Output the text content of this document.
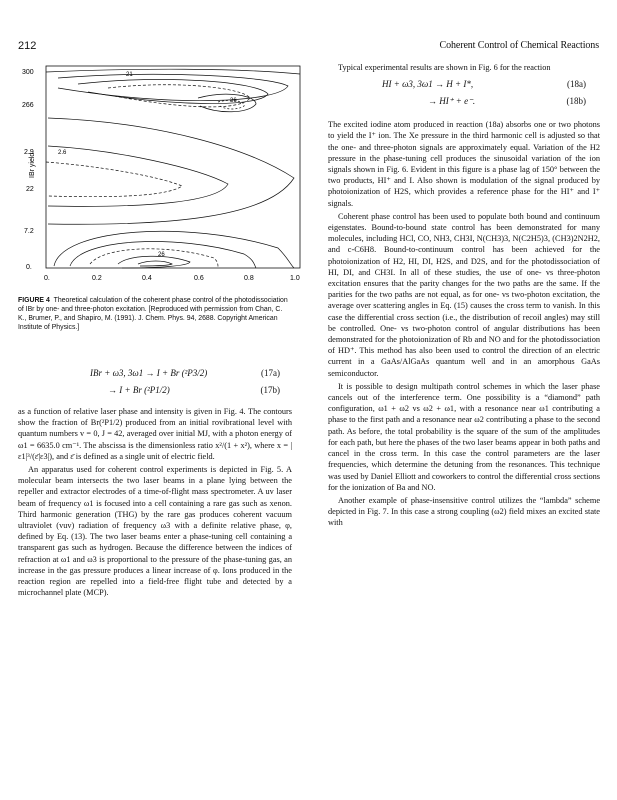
212	Coherent Control of Chemical Reactions
300
266
2.9
22
7.2
0.
IBr yield
0.	0.2	0.4	0.6	0.8	1.0
21
36
2.6
26
FIGURE 4 Theoretical calculation of the coherent phase control of the photodissociation of IBr by one- and three-photon excitation. [Reproduced with permission from Chan, C. K., Brumer, P., and Shapiro, M. (1991). J. Chem. Phys. 94, 2688. Copyright American Institute of Physics.]
IBr + ω3, 3ω1 → I + Br (²P3/2)	(17a)
→ I + Br (²P1/2)	(17b)

as a function of relative laser phase and intensity is given in Fig. 4. The contours show the fraction of Br(²P1/2) produced from an initial rovibrational level with quantum numbers v = 0, J = 42, averaged over initial MJ, with a photon energy of ω1 = 6635.0 cm⁻¹. The abscissa is the dimensionless ratio x²/(1 + x²), where x = |ε1|³/(ε̄|ε3|), and ε̄ is defined as a single unit of electric field.

An apparatus used for coherent control experiments is depicted in Fig. 5. A molecular beam intersects the two laser beams in a plane lying between the repeller and extractor electrodes of a time-of-flight mass spectrometer. A uv laser beam of frequency ω1 is focused into a cell containing a rare gas such as xenon. Third harmonic generation (THG) by the rare gas produces coherent vacuum ultraviolet (vuv) radiation of frequency ω3 with a definite relative phase, φ, defined by Eq. (13). The two laser beams enter a phase-tuning cell containing a transparent gas such as hydrogen. Because the difference between the indices of refraction at ω1 and ω3 is proportional to the pressure of the phase-tuning gas, an increase in the gas pressure produces a linear increase of φ. Ions produced in the reaction region are repelled into a field-free flight tube and detected by a microchannel plate (MCP).

Typical experimental results are shown in Fig. 6 for the reaction

HI + ω3, 3ω1 → H + I*,	(18a)
→ HI⁺ + e⁻.	(18b)

The excited iodine atom produced in reaction (18a) absorbs one or two photons to yield the I⁺ ion. The Xe pressure in the third harmonic cell is adjusted so that the one- and three-photon signals are approximately equal. Variation of the H2 pressure in the phase-tuning cell produces the sinusoidal variation of the ion signals shown in Fig. 6. Evident in this figure is a phase lag of 150° between the two products, HI⁺ and I. Also shown is modulation of the signal produced by photoionization of H2S, which provides a reference phase for the HI⁺ and I⁺ signals.

Coherent phase control has been used to populate both bound and continuum eigenstates. Bound-to-bound state control has been demonstrated for many molecules, including HCl, CO, NH3, CH3I, N(CH3)3, N(C2H5)3, (CH3)2N2H2, and c-C6H8. Bound-to-continuum control has been achieved for the photoionization of H2, HI, DI, H2S, and D2S, and for the photodissociation of HI, DI, and CH3I. In all of these studies, the use of one- vs three-photon excitation ensures that the parity changes for the two paths are the same. If the parities for the two paths are not equal, as for one- vs two-photon excitation, the average over scattering angles in Eq. (15) causes the cross term to vanish. In this case the differential cross section (i.e., the distribution of recoil angles) may still be controlled. One- vs two-photon control of angular distributions has been demonstrated for the photoionization of Rb and NO and for the photodissociation of HD⁺. This method has also been used to control the direction of an electric current in a GaAs/AlGaAs quantum well and in an amorphous GaAs semiconductor.

It is possible to design multipath control schemes in which the laser phase cancels out of the interference term. One possibility is a “diamond” path configuration, ω1 + ω2 vs ω2 + ω1, with a resonance near ω1 contributing a phase to the first path and a resonance near ω2 contributing a phase to the second path. As before, the total probability is the square of the sum of the amplitudes for each path, but here the phases of the two laser beams appear in both paths and cancel in the cross term. In this case the control parameters are the laser frequencies, which determine the detuning from the resonances. This technique was used by Daniel Elliott and coworkers to control the differential cross sections for the ionization of Ba and NO.

Another example of phase-insensitive control utilizes the “lambda” scheme depicted in Fig. 7. In this case a strong coupling (ω2) field mixes an excited state with
